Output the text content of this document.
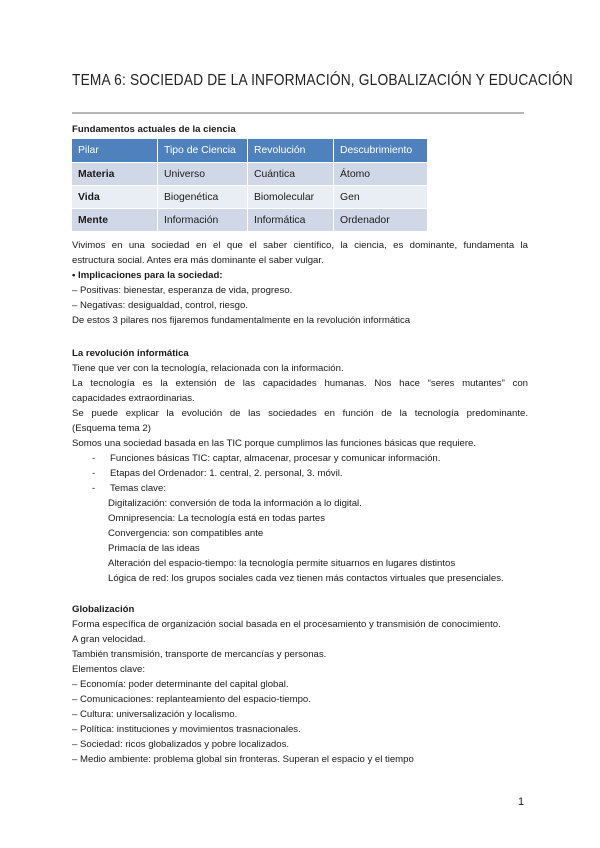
TEMA 6: SOCIEDAD DE LA INFORMACIÓN, GLOBALIZACIÓN Y EDUCACIÓN
Fundamentos actuales de la ciencia
Pilar	Tipo de Ciencia	Revolución	Descubrimiento
Materia	Universo	Cuántica	Átomo
Vida	Biogenética	Biomolecular	Gen
Mente	Información	Informática	Ordenador
Vivimos en una sociedad en el que el saber científico, la ciencia, es dominante, fundamenta la
estructura social. Antes era más dominante el saber vulgar.
• Implicaciones para la sociedad:
– Positivas: bienestar, esperanza de vida, progreso.
– Negativas: desigualdad, control, riesgo.
De estos 3 pilares nos fijaremos fundamentalmente en la revolución informática
La revolución informática
Tiene que ver con la tecnología, relacionada con la información.
La tecnología es la extensión de las capacidades humanas. Nos hace “seres mutantes” con
capacidades extraordinarias.
Se puede explicar la evolución de las sociedades en función de la tecnología predominante.
(Esquema tema 2)
Somos una sociedad basada en las TIC porque cumplimos las funciones básicas que requiere.
- Funciones básicas TIC: captar, almacenar, procesar y comunicar información.
- Etapas del Ordenador: 1. central, 2. personal, 3. móvil.
- Temas clave:
Digitalización: conversión de toda la información a lo digital.
Omnipresencia: La tecnología está en todas partes
Convergencia: son compatibles ante
Primacía de las ideas
Alteración del espacio-tiempo: la tecnología permite situarnos en lugares distintos
Lógica de red: los grupos sociales cada vez tienen más contactos virtuales que presenciales.
Globalización
Forma específica de organización social basada en el procesamiento y transmisión de conocimiento.
A gran velocidad.
También transmisión, transporte de mercancías y personas.
Elementos clave:
– Economía: poder determinante del capital global.
– Comunicaciones: replanteamiento del espacio-tiempo.
– Cultura: universalización y localismo.
– Política: instituciones y movimientos trasnacionales.
– Sociedad: ricos globalizados y pobre localizados.
– Medio ambiente: problema global sin fronteras. Superan el espacio y el tiempo
1
